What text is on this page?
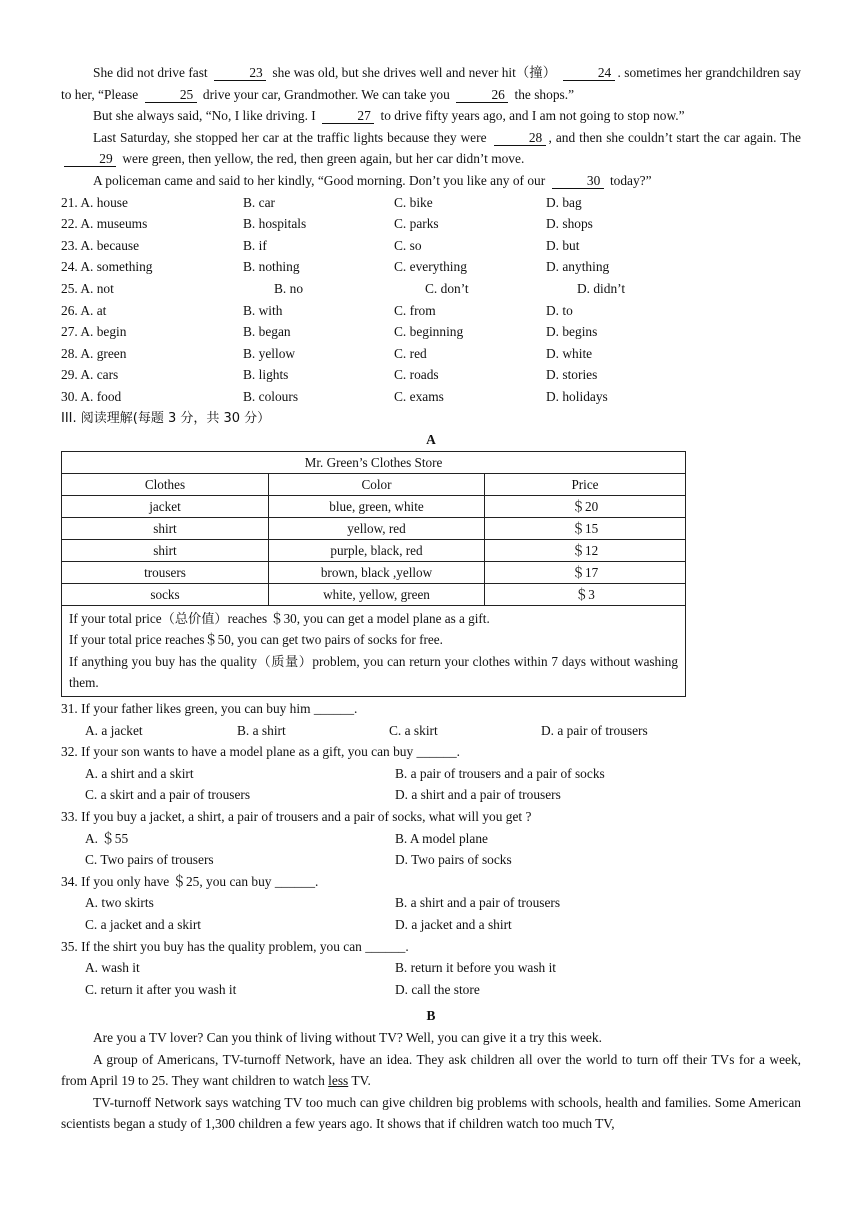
She did not drive fast	23 she was old, but she drives well and never hit（撞）	24 . sometimes her grandchildren say to her, “Please	25 drive your car, Grandmother. We can take you	26 the shops.”

But she always said, “No, I like driving. I	27 to drive fifty years ago, and I am not going to stop now.”

Last Saturday, she stopped her car at the traffic lights because they were	28 , and then she couldn’t start the car again. The 29 were green, then yellow, the red, then green again, but her car didn’t move.

A policeman came and said to her kindly, “Good morning. Don’t you like any of our	30 today?”

21. A. house	B. car	C. bike	D. bag
22. A. museums	B. hospitals	C. parks	D. shops
23. A. because	B. if	C. so	D. but
24. A. something	B. nothing	C. everything	D. anything
25. A. not	B. no	C. don’t	D. didn’t
26. A. at	B. with	C. from	D. to
27. A. begin	B. began	C. beginning	D. begins
28. A. green	B. yellow	C. red	D. white
29. A. cars	B. lights	C. roads	D. stories
30. A. food	B. colours	C. exams	D. holidays
III. 阅读理解(每题 3 分，共 30 分）
A
Mr. Green’s Clothes Store		
Clothes	Color	Price
jacket	blue, green, white	＄20
shirt	yellow, red	＄15
shirt	purple, black, red	＄12
trousers	brown, black ,yellow	＄17
socks	white, yellow, green	＄3

If your total price（总价值）reaches ＄30, you can get a model plane as a gift.
If your total price reaches＄50, you can get two pairs of socks for free.
If anything you buy has the quality（质量）problem, you can return your clothes within 7 days without washing them.		

31. If your father likes green, you can buy him ______.

A. a jacket	B. a shirt	C. a skirt	D. a pair of trousers

32. If your son wants to have a model plane as a gift, you can buy ______.

A. a shirt and a skirt	B. a pair of trousers and a pair of socks
C. a skirt and a pair of trousers	D. a shirt and a pair of trousers

33. If you buy a jacket, a shirt, a pair of trousers and a pair of socks, what will you get ?

A. ＄55	B. A model plane
C. Two pairs of trousers	D. Two pairs of socks

34. If you only have ＄25, you can buy ______.

A. two skirts	B. a shirt and a pair of trousers
C. a jacket and a skirt	D. a jacket and a shirt

35. If the shirt you buy has the quality problem, you can ______.

A. wash it	B. return it before you wash it
C. return it after you wash it	D. call the store
B

Are you a TV lover? Can you think of living without TV? Well, you can give it a try this week.

A group of Americans, TV-turnoff Network, have an idea. They ask children all over the world to turn off their TVs for a week, from April 19 to 25. They want children to watch less TV.

TV-turnoff Network says watching TV too much can give children big problems with schools, health and families. Some American scientists began a study of 1,300 children a few years ago. It shows that if children watch too much TV,
